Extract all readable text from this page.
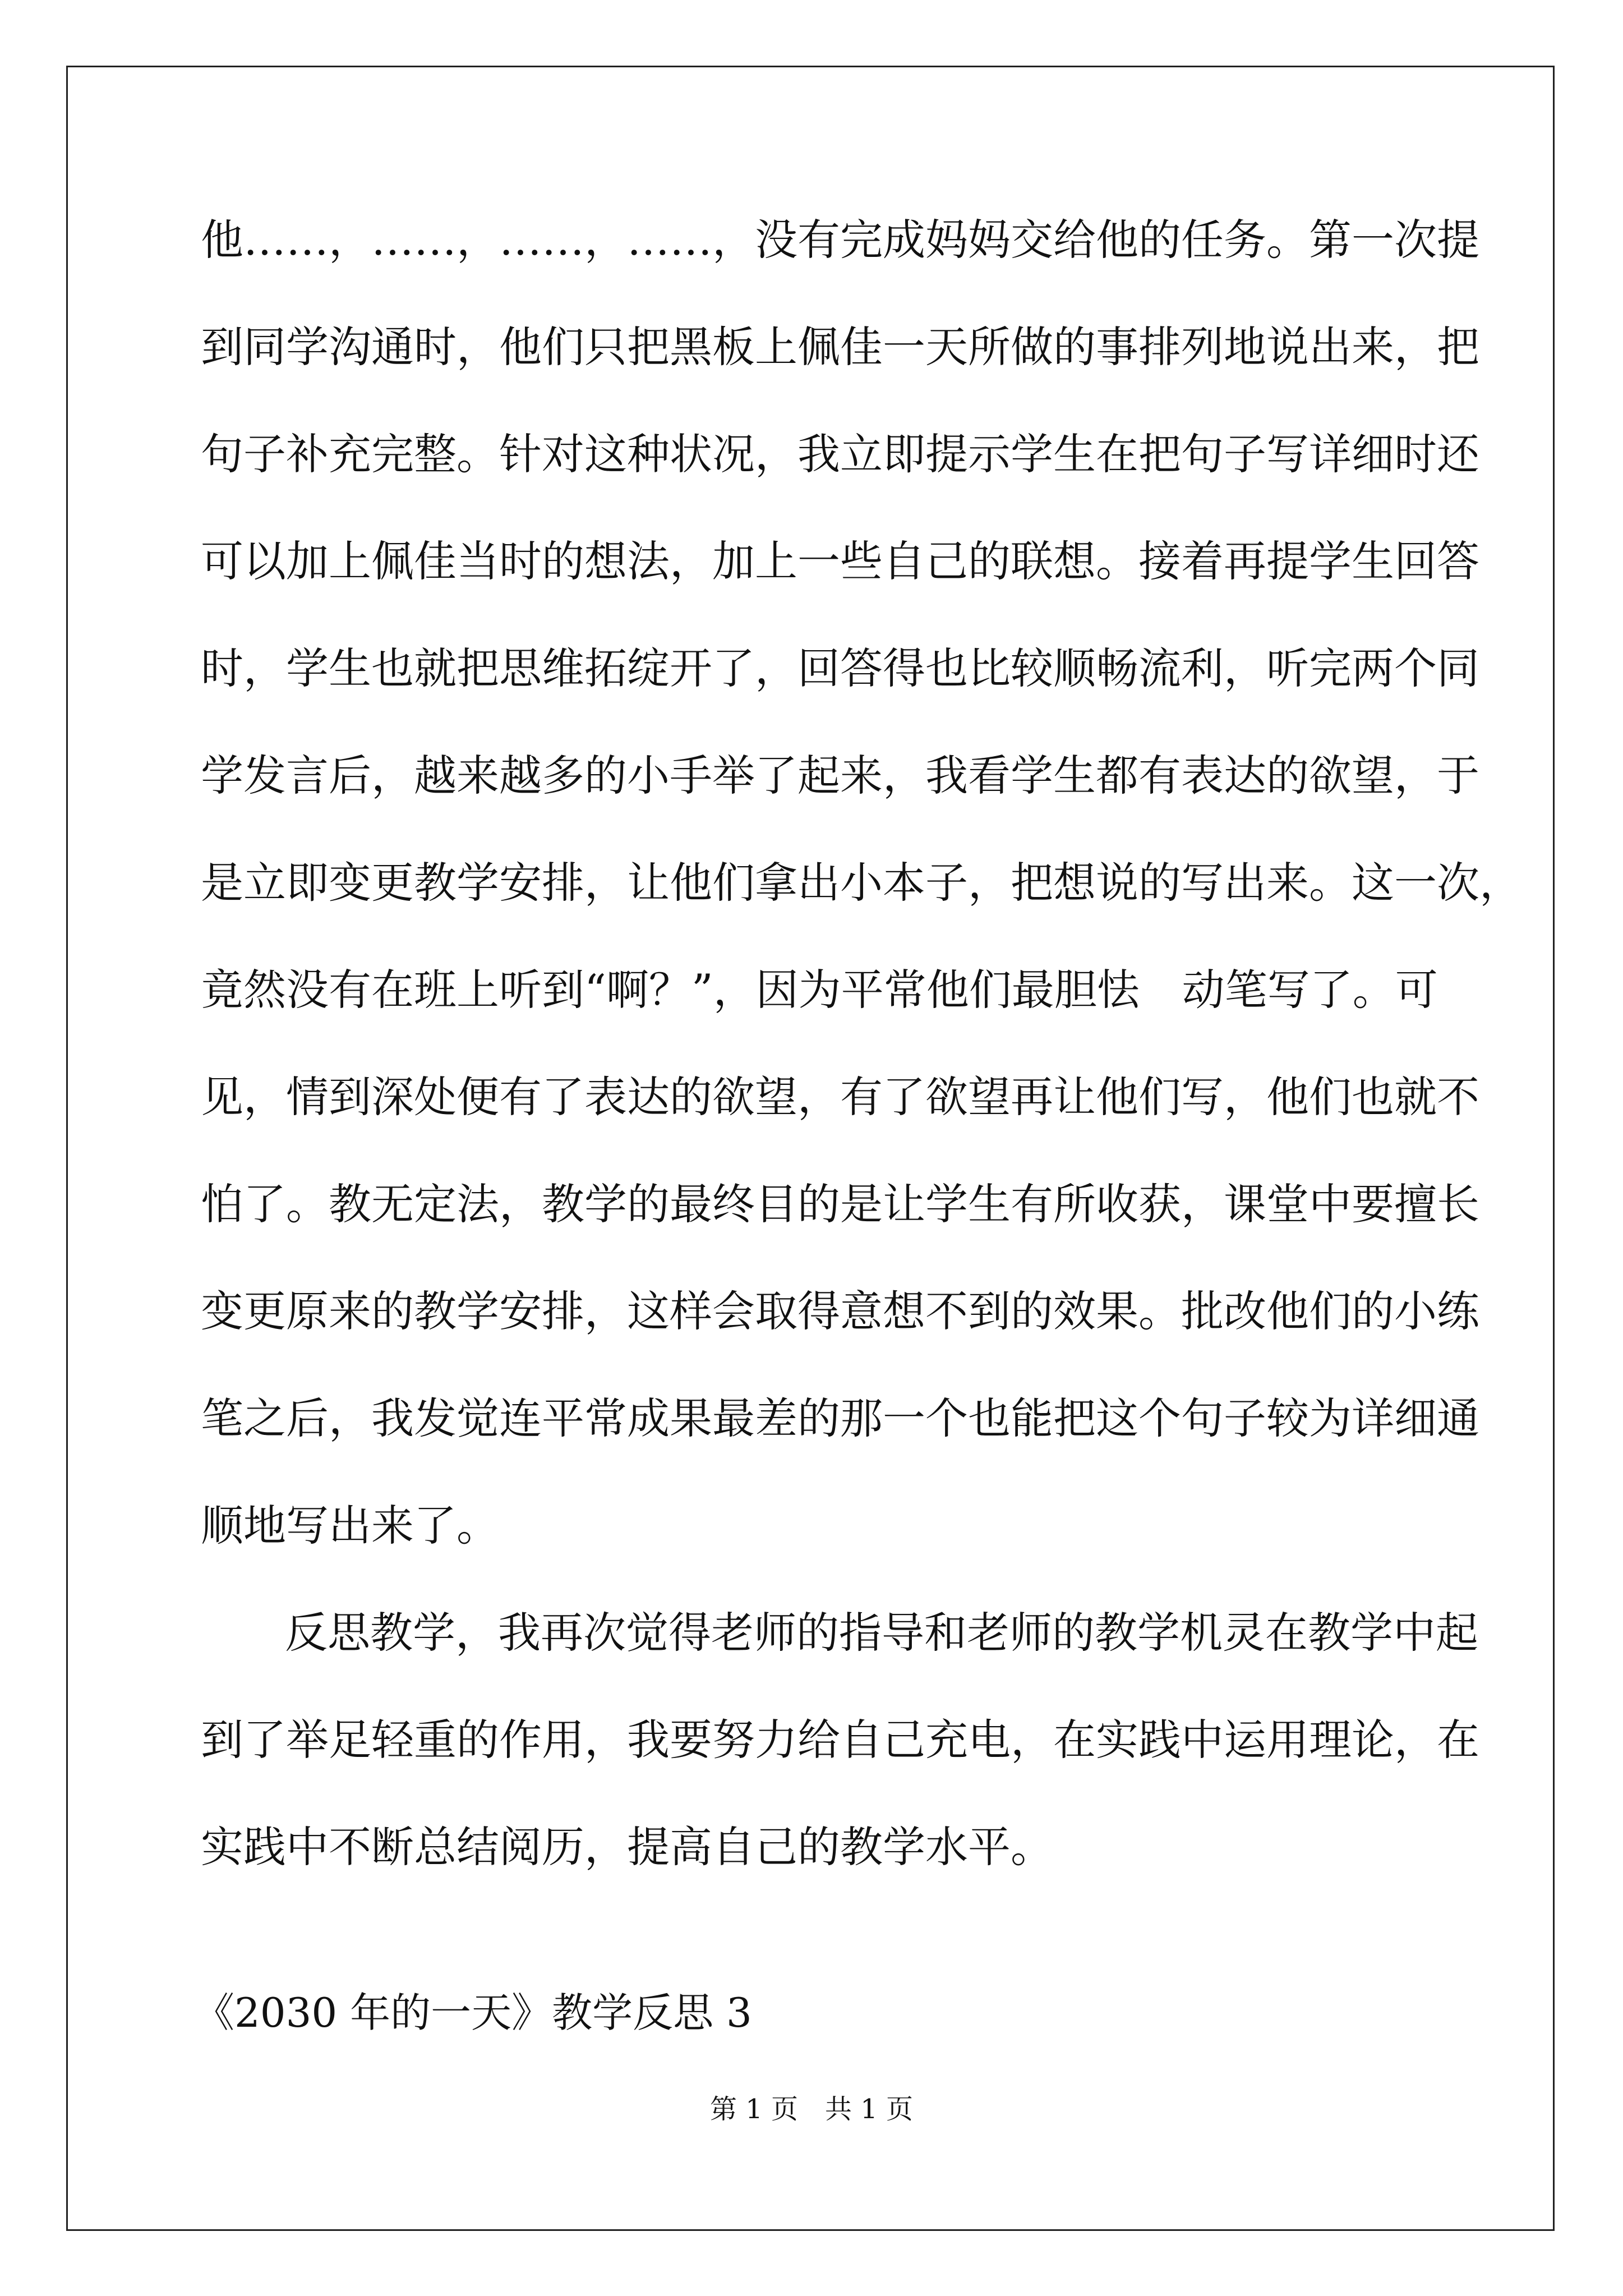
他……，……，……，……，没有完成妈妈交给他的任务。第一次提
到同学沟通时，他们只把黑板上佩佳一天所做的事排列地说出来，把
句子补充完整。针对这种状况，我立即提示学生在把句子写详细时还
可以加上佩佳当时的想法，加上一些自己的联想。接着再提学生回答
时，学生也就把思维拓绽开了，回答得也比较顺畅流利，听完两个同
学发言后，越来越多的小手举了起来，我看学生都有表达的欲望，于
是立即变更教学安排，让他们拿出小本子，把想说的写出来。这一次，
竟然没有在班上听到“啊？”，因为平常他们最胆怯　动笔写了。可
见，情到深处便有了表达的欲望，有了欲望再让他们写，他们也就不
怕了。教无定法，教学的最终目的是让学生有所收获，课堂中要擅长
变更原来的教学安排，这样会取得意想不到的效果。批改他们的小练
笔之后，我发觉连平常成果最差的那一个也能把这个句子较为详细通
顺地写出来了。
反思教学，我再次觉得老师的指导和老师的教学机灵在教学中起
到了举足轻重的作用，我要努力给自己充电，在实践中运用理论，在
实践中不断总结阅历，提高自己的教学水平。
《2030 年的一天》教学反思 3
第 1 页　共 1 页
